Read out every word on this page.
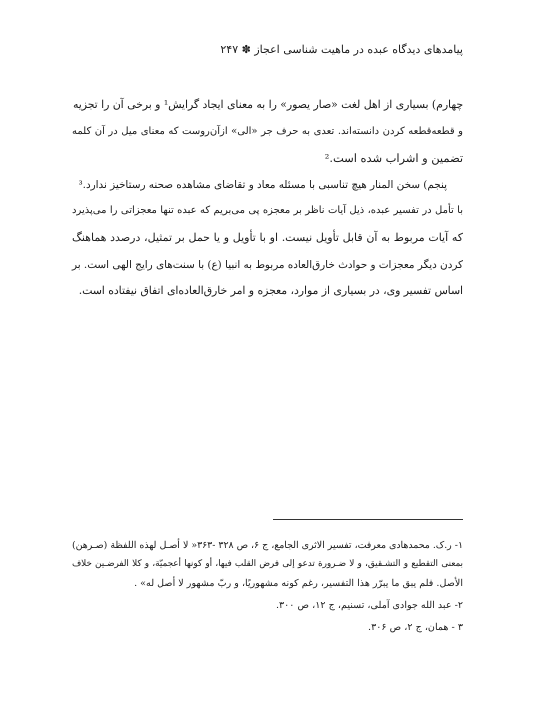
پیامدهای دیدگاه عبده در ماهیت شناسی اعجاز ✽ ۲۴۷
چهارم) بسیاری از اهل لغت «صار یصور» را به معنای ایجاد گرایش¹ و برخی آن را تجزیه
و قطعه‌قطعه کردن دانسته‌اند. تعدی به حرف جر «الی» ازآن‌روست که معنای میل در آن کلمه
تضمین و اشراب شده است.²
پنجم) سخن المنار هیچ تناسبی با مسئله معاد و تقاضای مشاهده صحنه رستاخیز ندارد.³
با تأمل در تفسیر عبده، ذیل آیات ناظر بر معجزه پی می‌بریم که عبده تنها معجزاتی را می‌پذیرد
که آیات مربوط به آن قابل تأویل نیست. او با تأویل و یا حمل بر تمثیل، درصدد هماهنگ
کردن دیگر معجزات و حوادث خارق‌العاده مربوط به انبیا (ع) با سنت‌های رایج الهی است. بر
اساس تفسیر وی، در بسیاری از موارد، معجزه و امر خارق‌العاده‌ای اتفاق نیفتاده است.
۱- ر.ک. محمدهادی معرفت، تفسیر الاثری الجامع، ج ۶، ص ۳۲۸ -۳۶۳« لا أصـل لهذه اللفظة (صـرهن)
بمعنی التقطیع و التشـقیق، و لا ضـرورة تدعو إلی فرض القلب فیها، أو کونها أعجمیّة، و کلا الفرضـین خلاف
الأصل. فلم یبق ما یبرّر هذا التفسیر، رغم کونه مشهوریًا، و ربّ مشهور لا أصل له» .
۲- عبد الله جوادی آملی، تسنیم، ج ۱۲، ص ۳۰۰.
۳ - همان، ج ۲، ص ۳۰۶.
